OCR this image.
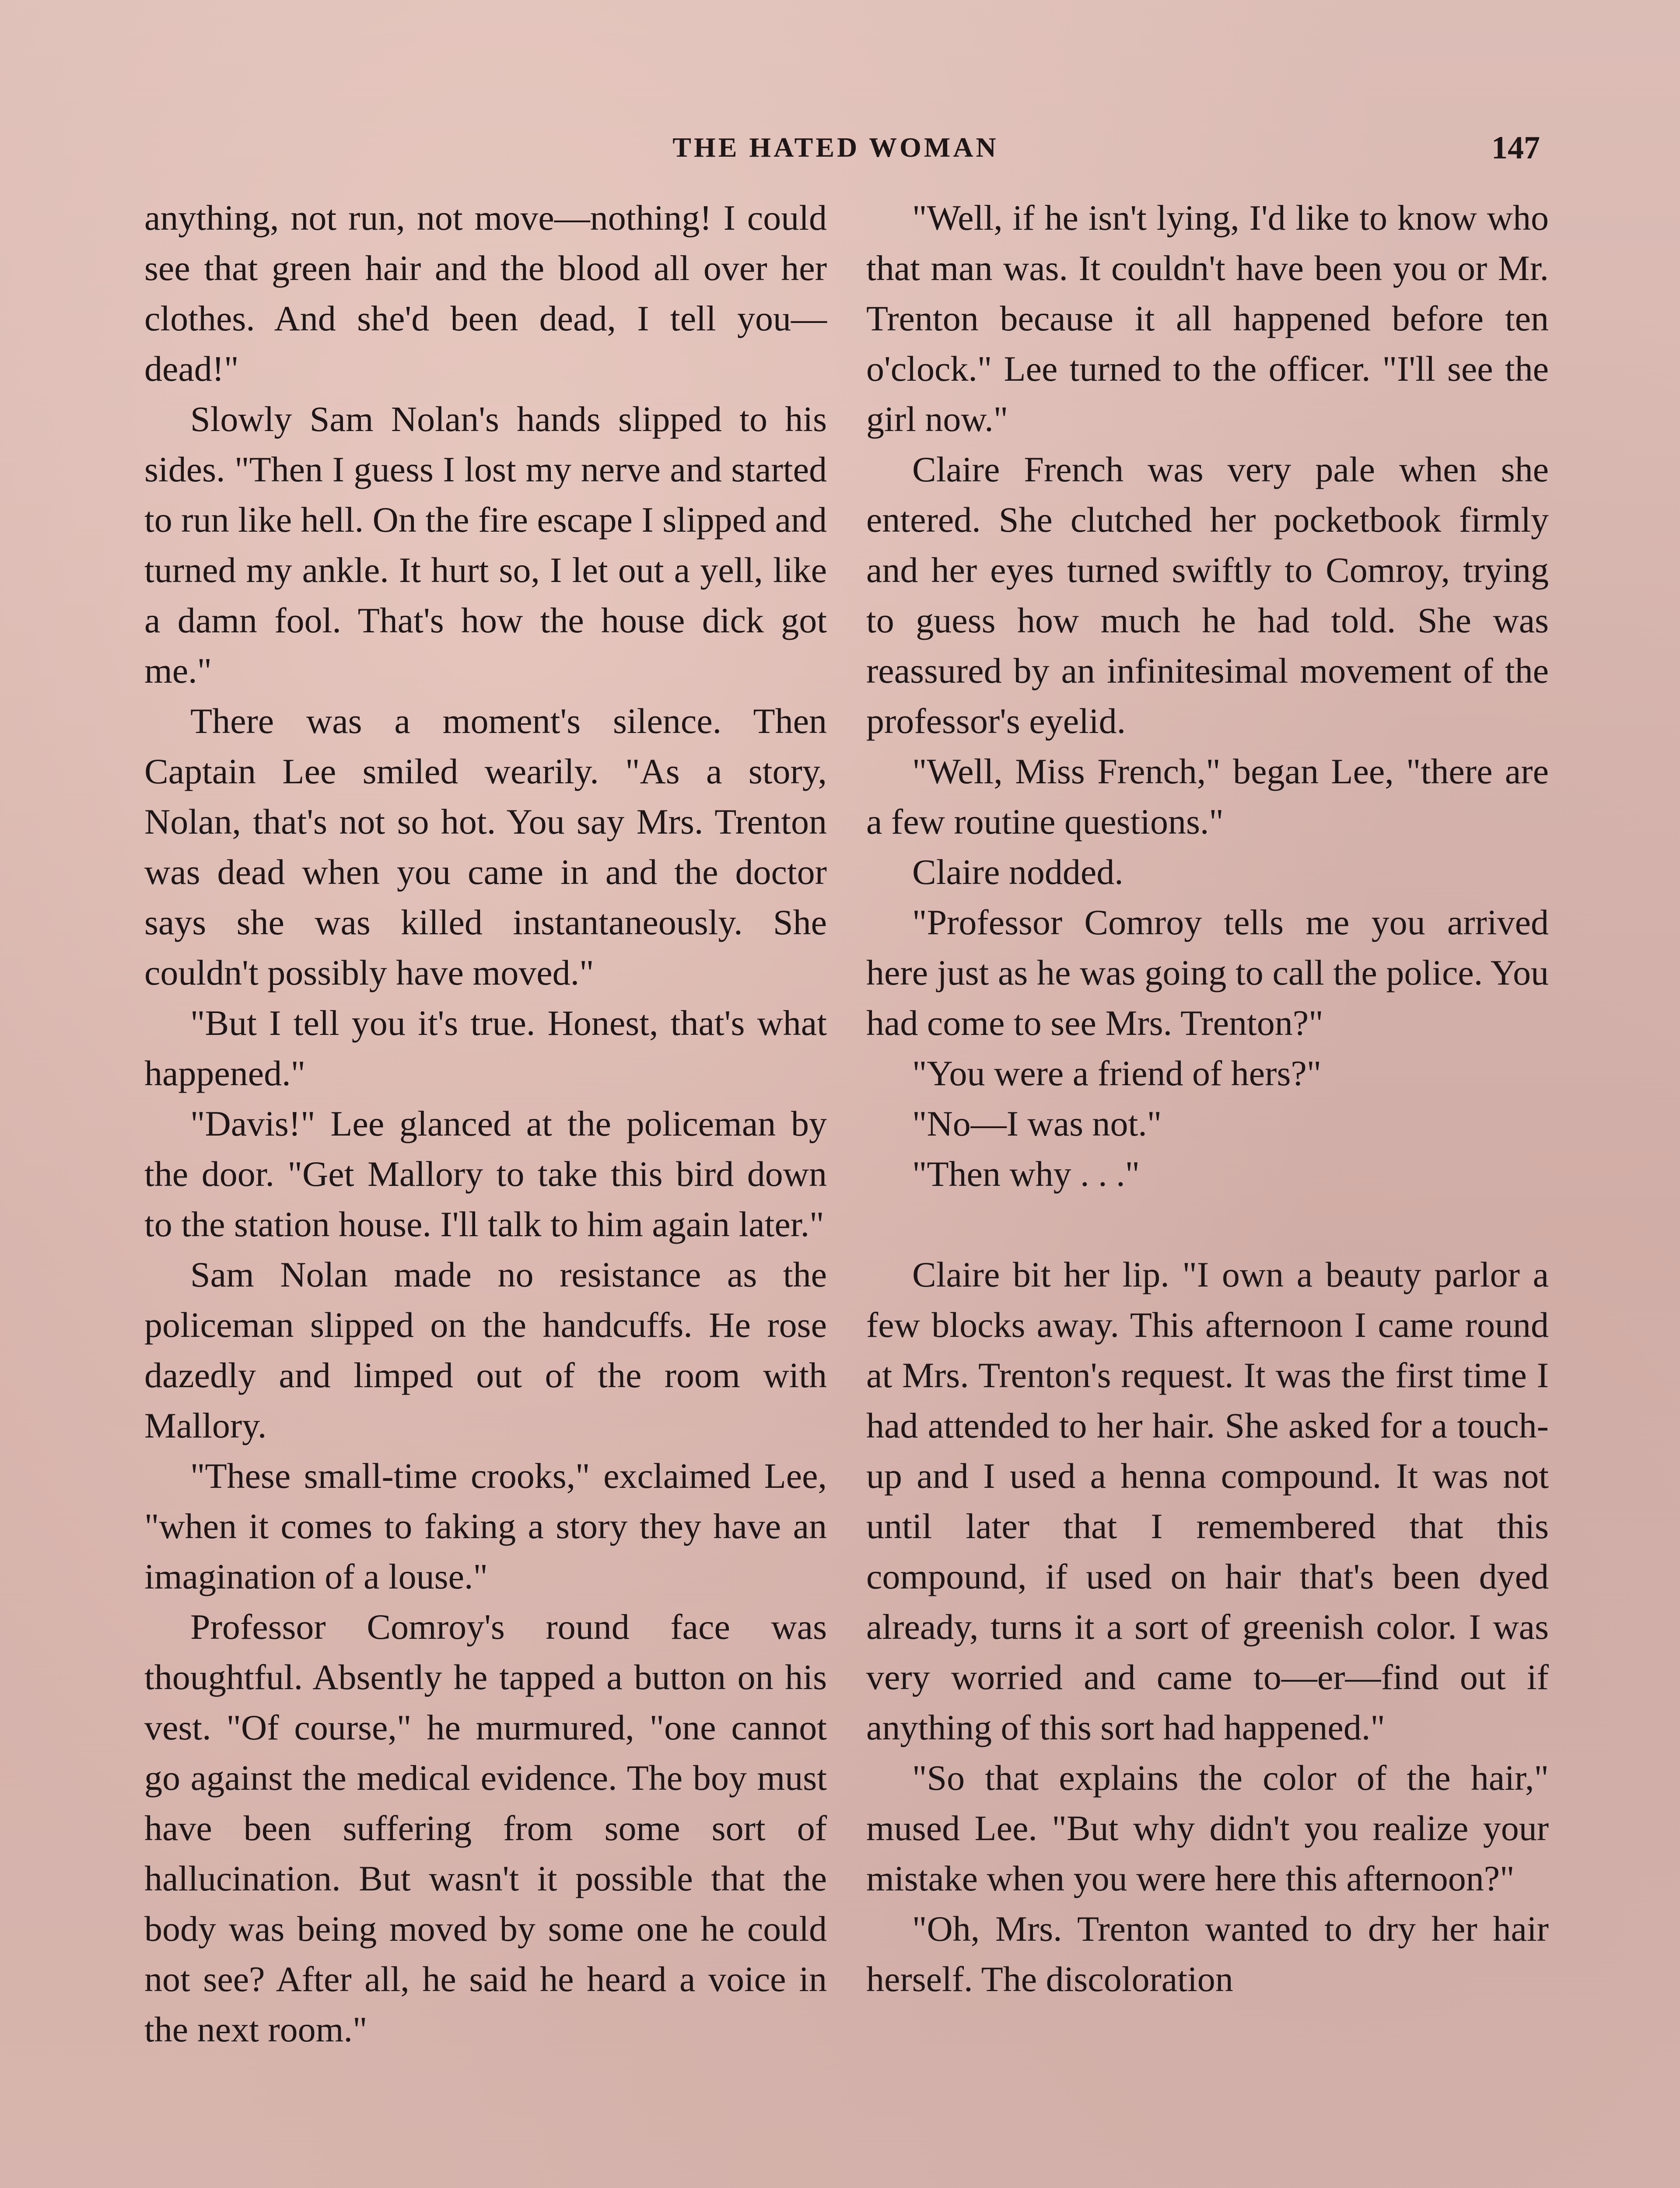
THE HATED WOMAN	147

anything, not run, not move—nothing! I could see that green hair and the blood all over her clothes. And she'd been dead, I tell you—dead!"

Slowly Sam Nolan's hands slipped to his sides. "Then I guess I lost my nerve and started to run like hell. On the fire escape I slipped and turned my ankle. It hurt so, I let out a yell, like a damn fool. That's how the house dick got me."

There was a moment's silence. Then Captain Lee smiled wearily. "As a story, Nolan, that's not so hot. You say Mrs. Trenton was dead when you came in and the doctor says she was killed instantaneously. She couldn't possibly have moved."

"But I tell you it's true. Honest, that's what happened."

"Davis!" Lee glanced at the policeman by the door. "Get Mallory to take this bird down to the station house. I'll talk to him again later."

Sam Nolan made no resistance as the policeman slipped on the handcuffs. He rose dazedly and limped out of the room with Mallory.

"These small-time crooks," exclaimed Lee, "when it comes to faking a story they have an imagination of a louse."

Professor Comroy's round face was thoughtful. Absently he tapped a button on his vest. "Of course," he murmured, "one cannot go against the medical evidence. The boy must have been suffering from some sort of hallucination. But wasn't it possible that the body was being moved by some one he could not see? After all, he said he heard a voice in the next room."

"Well, if he isn't lying, I'd like to know who that man was. It couldn't have been you or Mr. Trenton because it all happened before ten o'clock." Lee turned to the officer. "I'll see the girl now."

Claire French was very pale when she entered. She clutched her pocketbook firmly and her eyes turned swiftly to Comroy, trying to guess how much he had told. She was reassured by an infinitesimal movement of the professor's eyelid.

"Well, Miss French," began Lee, "there are a few routine questions."

Claire nodded.

"Professor Comroy tells me you arrived here just as he was going to call the police. You had come to see Mrs. Trenton?"

"You were a friend of hers?"

"No—I was not."

"Then why . . ."

Claire bit her lip. "I own a beauty parlor a few blocks away. This afternoon I came round at Mrs. Trenton's request. It was the first time I had attended to her hair. She asked for a touch-up and I used a henna compound. It was not until later that I remembered that this compound, if used on hair that's been dyed already, turns it a sort of greenish color. I was very worried and came to—er—find out if anything of this sort had happened."

"So that explains the color of the hair," mused Lee. "But why didn't you realize your mistake when you were here this afternoon?"

"Oh, Mrs. Trenton wanted to dry her hair herself. The discoloration
